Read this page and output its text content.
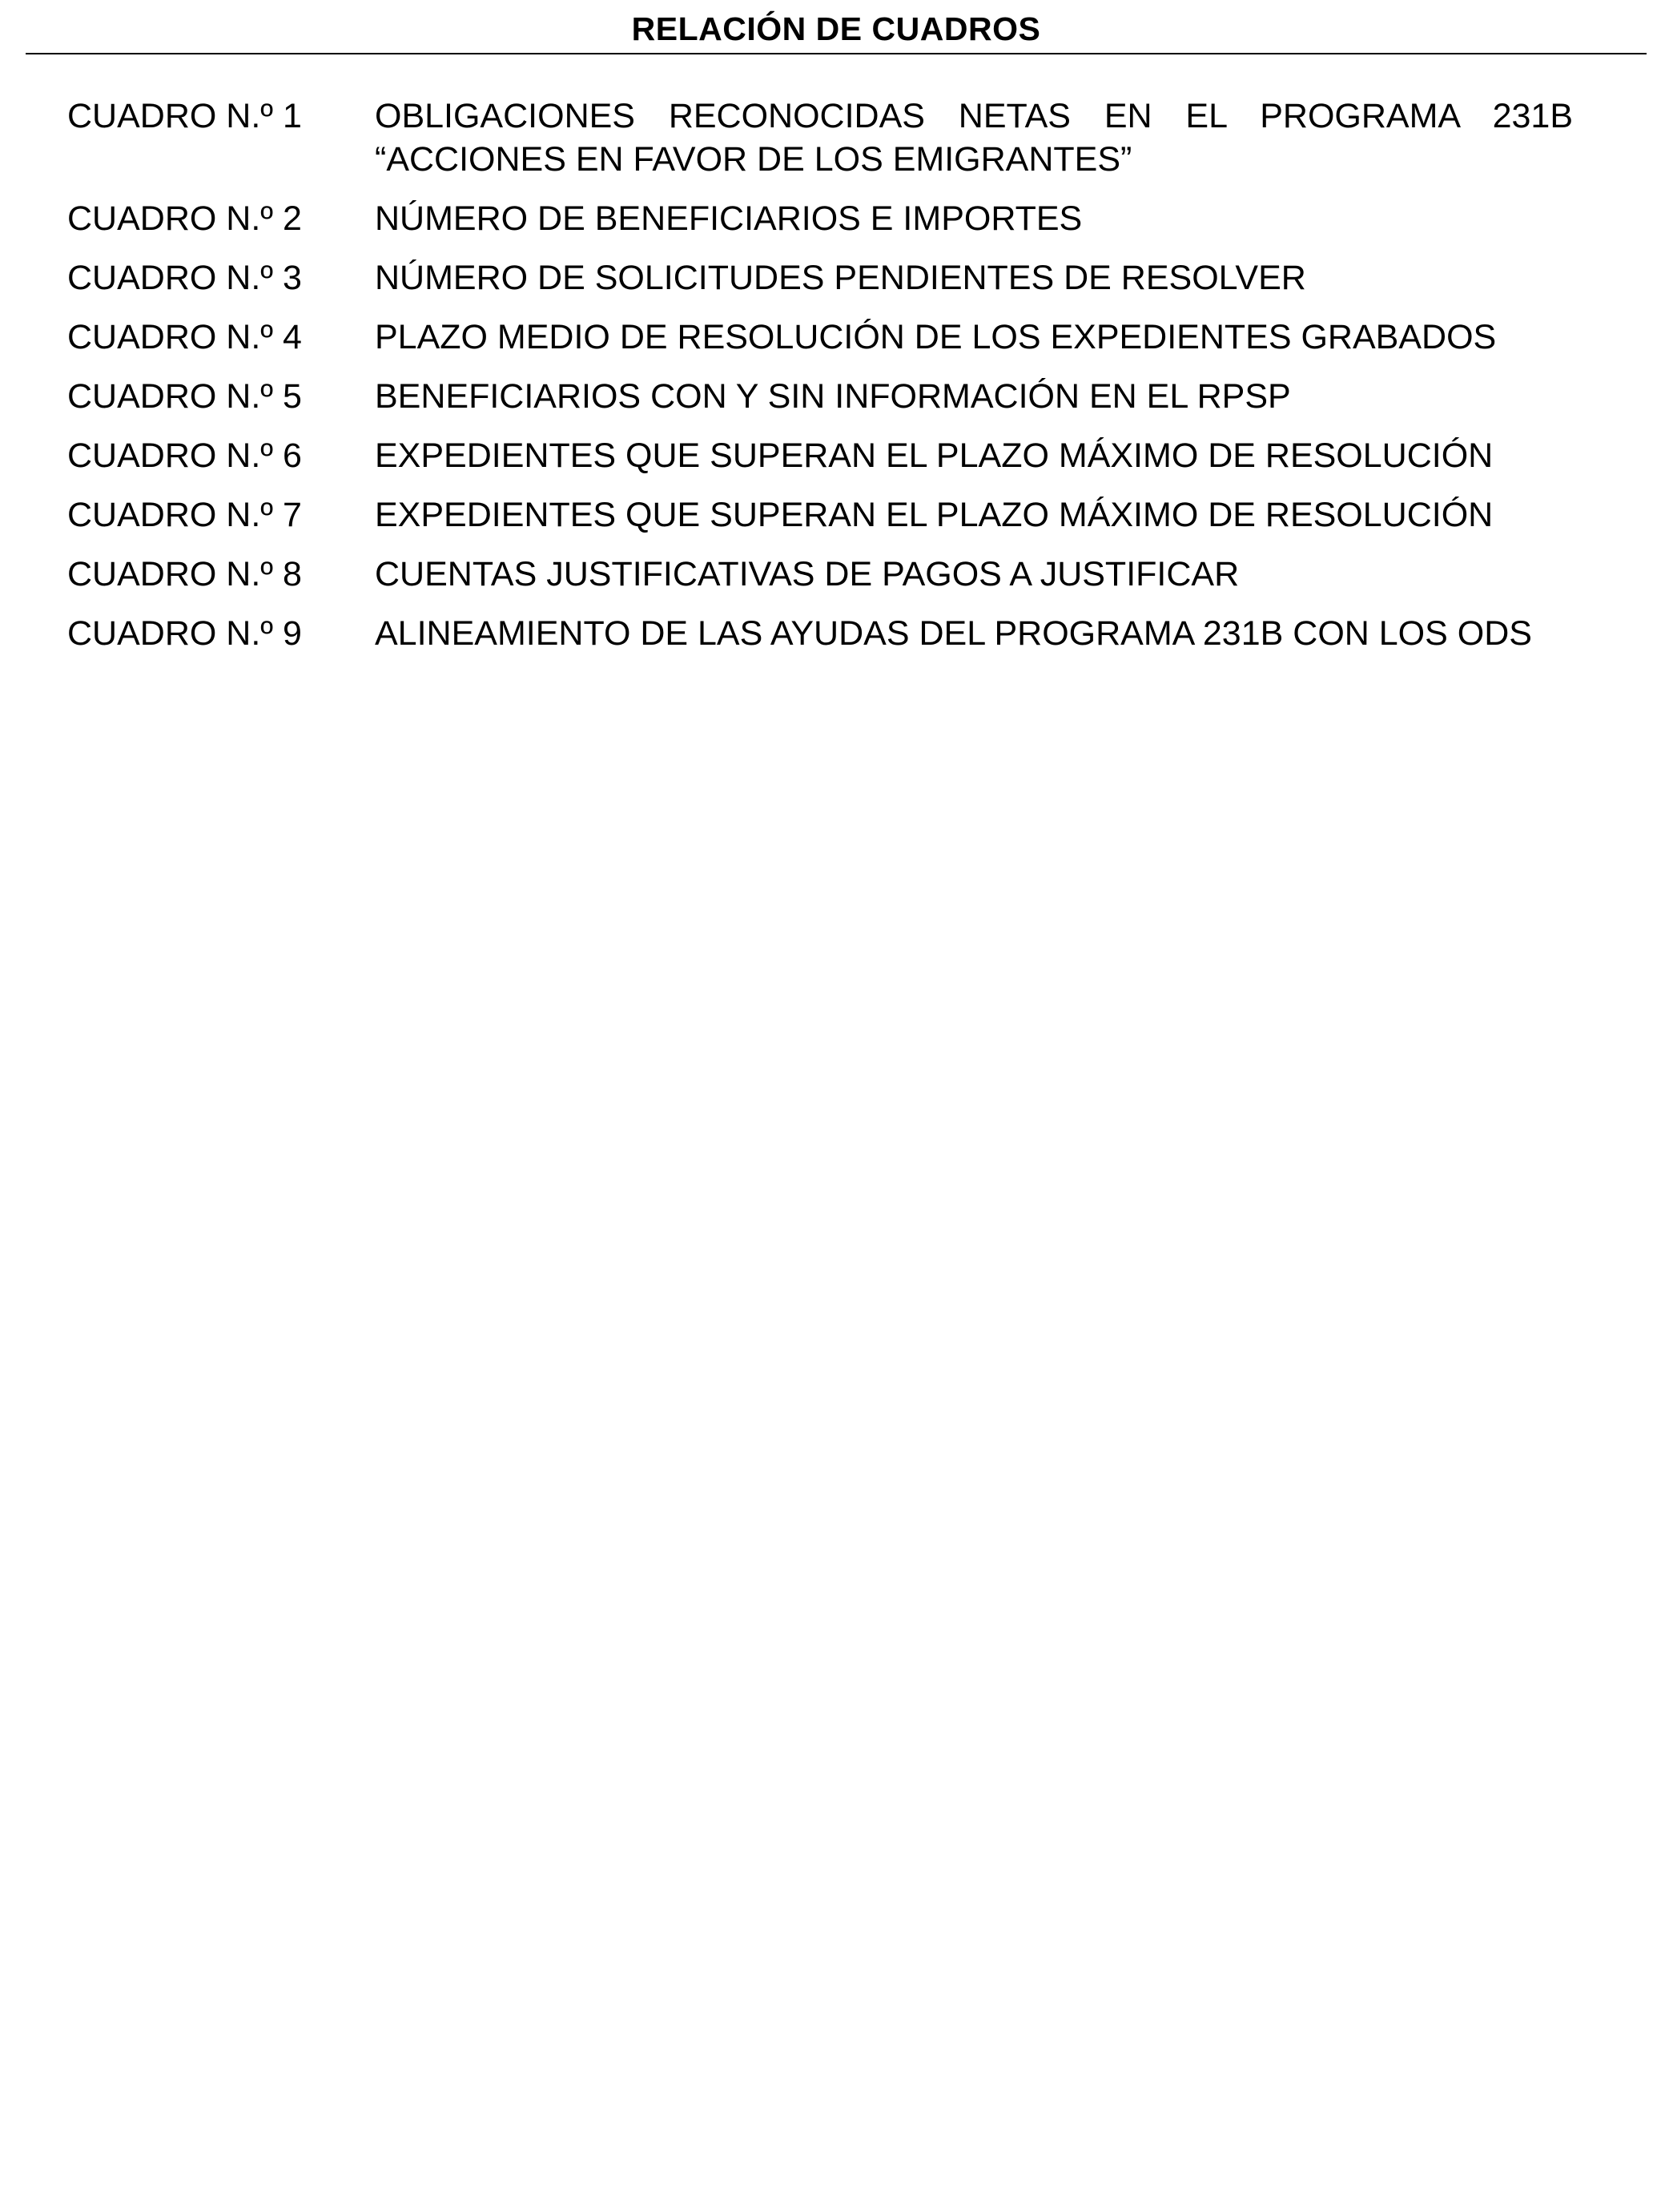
RELACIÓN DE CUADROS
CUADRO N.º 1	OBLIGACIONES RECONOCIDAS NETAS EN EL PROGRAMA 231B “ACCIONES EN FAVOR DE LOS EMIGRANTES”
CUADRO N.º 2	NÚMERO DE BENEFICIARIOS E IMPORTES
CUADRO N.º 3	NÚMERO DE SOLICITUDES PENDIENTES DE RESOLVER
CUADRO N.º 4	PLAZO MEDIO DE RESOLUCIÓN DE LOS EXPEDIENTES GRABADOS
CUADRO N.º 5	BENEFICIARIOS CON Y SIN INFORMACIÓN EN EL RPSP
CUADRO N.º 6	EXPEDIENTES QUE SUPERAN EL PLAZO MÁXIMO DE RESOLUCIÓN
CUADRO N.º 7	EXPEDIENTES QUE SUPERAN EL PLAZO MÁXIMO DE RESOLUCIÓN
CUADRO N.º 8	CUENTAS JUSTIFICATIVAS DE PAGOS A JUSTIFICAR
CUADRO N.º 9	ALINEAMIENTO DE LAS AYUDAS DEL PROGRAMA 231B CON LOS ODS
